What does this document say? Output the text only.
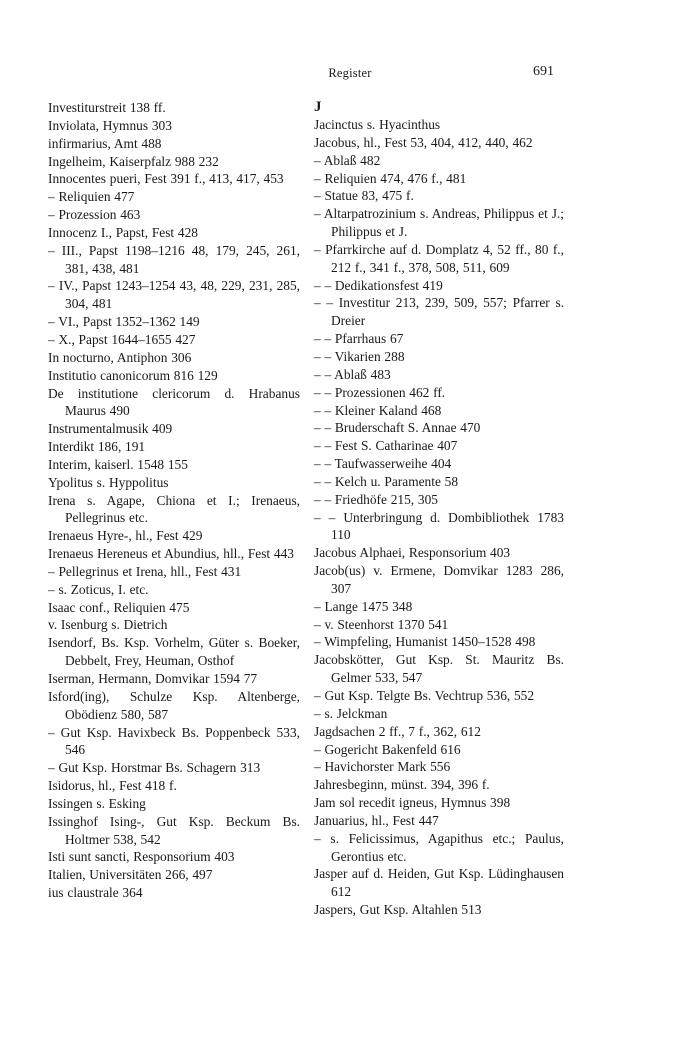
Register	691
Investiturstreit 138 ff.
Inviolata, Hymnus 303
infirmarius, Amt 488
Ingelheim, Kaiserpfalz 988 232
Innocentes pueri, Fest 391 f., 413, 417, 453
– Reliquien 477
– Prozession 463
Innocenz I., Papst, Fest 428
– III., Papst 1198–1216 48, 179, 245, 261, 381, 438, 481
– IV., Papst 1243–1254 43, 48, 229, 231, 285, 304, 481
– VI., Papst 1352–1362 149
– X., Papst 1644–1655 427
In nocturno, Antiphon 306
Institutio canonicorum 816 129
De institutione clericorum d. Hrabanus Maurus 490
Instrumentalmusik 409
Interdikt 186, 191
Interim, kaiserl. 1548 155
Ypolitus s. Hyppolitus
Irena s. Agape, Chiona et I.; Irenaeus, Pellegrinus etc.
Irenaeus Hyre-, hl., Fest 429
Irenaeus Hereneus et Abundius, hll., Fest 443
– Pellegrinus et Irena, hll., Fest 431
– s. Zoticus, I. etc.
Isaac conf., Reliquien 475
v. Isenburg s. Dietrich
Isendorf, Bs. Ksp. Vorhelm, Güter s. Boeker, Debbelt, Frey, Heuman, Osthof
Iserman, Hermann, Domvikar 1594 77
Isford(ing), Schulze Ksp. Altenberge, Obödienz 580, 587
– Gut Ksp. Havixbeck Bs. Poppenbeck 533, 546
– Gut Ksp. Horstmar Bs. Schagern 313
Isidorus, hl., Fest 418 f.
Issingen s. Esking
Issinghof Ising-, Gut Ksp. Beckum Bs. Holtmer 538, 542
Isti sunt sancti, Responsorium 403
Italien, Universitäten 266, 497
ius claustrale 364
J
Jacinctus s. Hyacinthus
Jacobus, hl., Fest 53, 404, 412, 440, 462
– Ablaß 482
– Reliquien 474, 476 f., 481
– Statue 83, 475 f.
– Altarpatrozinium s. Andreas, Philippus et J.; Philippus et J.
– Pfarrkirche auf d. Domplatz 4, 52 ff., 80 f., 212 f., 341 f., 378, 508, 511, 609
– – Dedikationsfest 419
– – Investitur 213, 239, 509, 557; Pfarrer s. Dreier
– – Pfarrhaus 67
– – Vikarien 288
– – Ablaß 483
– – Prozessionen 462 ff.
– – Kleiner Kaland 468
– – Bruderschaft S. Annae 470
– – Fest S. Catharinae 407
– – Taufwasserweihe 404
– – Kelch u. Paramente 58
– – Friedhöfe 215, 305
– – Unterbringung d. Dombibliothek 1783 110
Jacobus Alphaei, Responsorium 403
Jacob(us) v. Ermene, Domvikar 1283 286, 307
– Lange 1475 348
– v. Steenhorst 1370 541
– Wimpfeling, Humanist 1450–1528 498
Jacobskötter, Gut Ksp. St. Mauritz Bs. Gelmer 533, 547
– Gut Ksp. Telgte Bs. Vechtrup 536, 552
– s. Jelckman
Jagdsachen 2 ff., 7 f., 362, 612
– Gogericht Bakenfeld 616
– Havichorster Mark 556
Jahresbeginn, münst. 394, 396 f.
Jam sol recedit igneus, Hymnus 398
Januarius, hl., Fest 447
– s. Felicissimus, Agapithus etc.; Paulus, Gerontius etc.
Jasper auf d. Heiden, Gut Ksp. Lüdinghausen 612
Jaspers, Gut Ksp. Altahlen 513
